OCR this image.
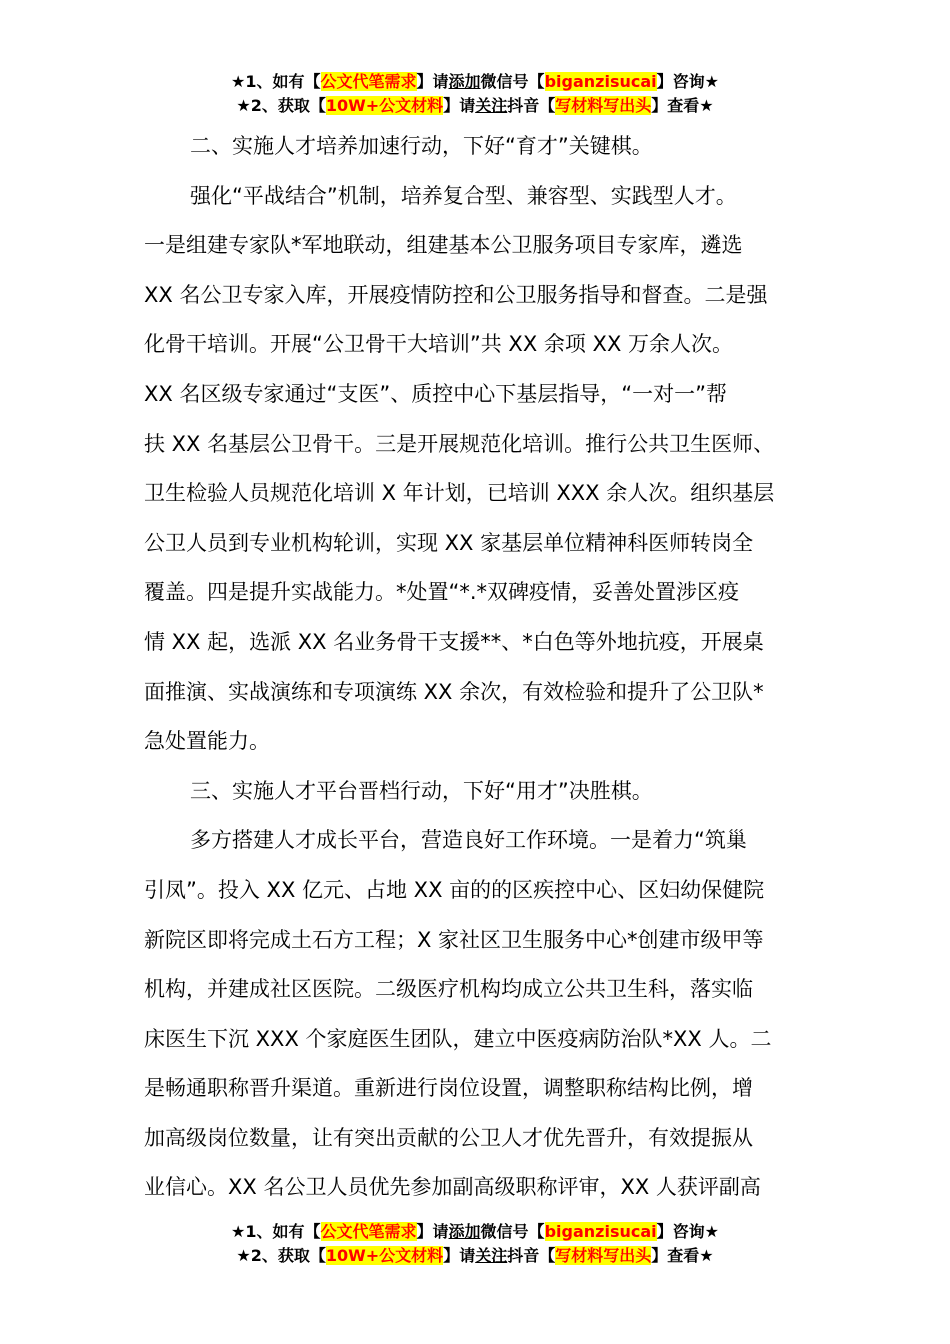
★1、如有【公文代笔需求】请添加微信号【biganzisucai】咨询★
★2、获取【10W+公文材料】请关注抖音【写材料写出头】查看★
二、实施人才培养加速行动，下好“育才”关键棋。
强化“平战结合”机制，培养复合型、兼容型、实践型人才。
一是组建专家队*军地联动，组建基本公卫服务项目专家库，遴选
XX 名公卫专家入库，开展疫情防控和公卫服务指导和督查。二是强
化骨干培训。开展“公卫骨干大培训”共 XX 余项 XX 万余人次。
XX 名区级专家通过“支医”、质控中心下基层指导，“一对一”帮
扶 XX 名基层公卫骨干。三是开展规范化培训。推行公共卫生医师、
卫生检验人员规范化培训 X 年计划，已培训 XXX 余人次。组织基层
公卫人员到专业机构轮训，实现 XX 家基层单位精神科医师转岗全
覆盖。四是提升实战能力。*处置“*.*双碑疫情，妥善处置涉区疫
情 XX 起，选派 XX 名业务骨干支援**、*白色等外地抗疫，开展桌
面推演、实战演练和专项演练 XX 余次，有效检验和提升了公卫队*
急处置能力。
三、实施人才平台晋档行动，下好“用才”决胜棋。
多方搭建人才成长平台，营造良好工作环境。一是着力“筑巢
引凤”。投入 XX 亿元、占地 XX 亩的的区疾控中心、区妇幼保健院
新院区即将完成土石方工程；X 家社区卫生服务中心*创建市级甲等
机构，并建成社区医院。二级医疗机构均成立公共卫生科，落实临
床医生下沉 XXX 个家庭医生团队，建立中医疫病防治队*XX 人。二
是畅通职称晋升渠道。重新进行岗位设置，调整职称结构比例，增
加高级岗位数量，让有突出贡献的公卫人才优先晋升，有效提振从
业信心。XX 名公卫人员优先参加副高级职称评审，XX 人获评副高
★1、如有【公文代笔需求】请添加微信号【biganzisucai】咨询★
★2、获取【10W+公文材料】请关注抖音【写材料写出头】查看★
